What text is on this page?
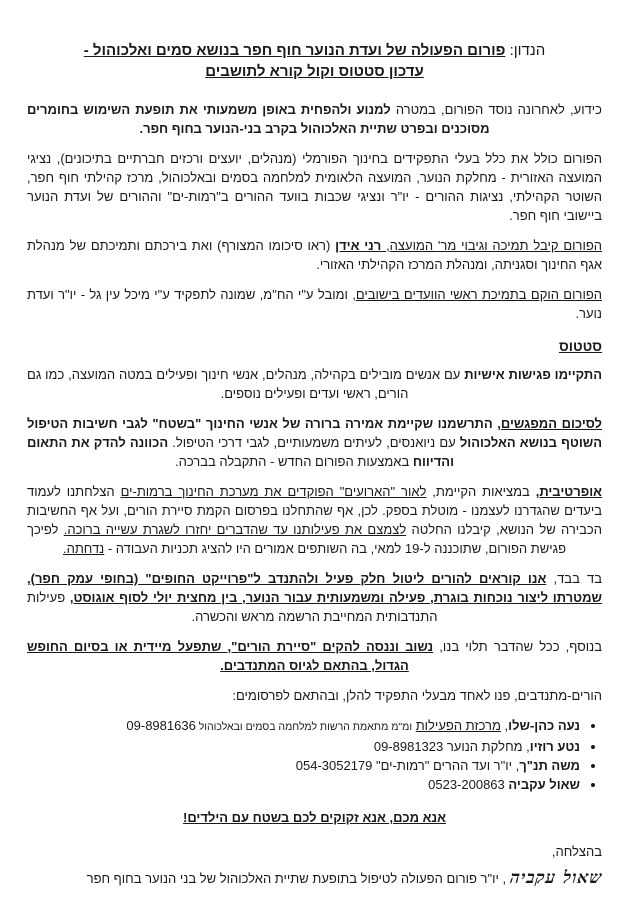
הנדון: פורום הפעולה של ועדת הנוער חוף חפר בנושא סמים ואלכוהול -
עדכון סטטוס וקול קורא לתושבים

כידוע, לאחרונה נוסד הפורום, במטרה למנוע ולהפחית באופן משמעותי את תופעת השימוש בחומרים מסוכנים ובפרט שתיית האלכוהול בקרב בני-הנוער בחוף חפר.

הפורום כולל את כלל בעלי התפקידים בחינוך הפורמלי (מנהלים, יועצים ורכזים חברתיים בתיכונים), נציגי המועצה האזורית - מחלקת הנוער, המועצה הלאומית למלחמה בסמים ובאלכוהול, מרכז קהילתי חוף חפר, השוטר הקהילתי, נציגות ההורים - יו"ר ונציגי שכבות בוועד ההורים ב"רמות-ים" וההורים של ועדת הנוער ביישובי חוף חפר.

הפורום קיבל תמיכה וגיבוי מר' המועצה, רני אידן (ראו סיכומו המצורף) ואת בירכתם ותמיכתם של מנהלת אגף החינוך וסגניתה, ומנהלת המרכז הקהילתי האזורי.

הפורום הוקם בתמיכת ראשי הוועדים בישובים, ומובל ע"י הח"מ, שמונה לתפקיד ע"י מיכל עין גל - יו"ר ועדת נוער.

סטטוס

התקיימו פגישות אישיות עם אנשים מובילים בקהילה, מנהלים, אנשי חינוך ופעילים במטה המועצה, כמו גם הורים, ראשי ועדים ופעילים נוספים.

לסיכום המפגשים, התרשמנו שקיימת אמירה ברורה של אנשי החינוך "בשטח" לגבי חשיבות הטיפול השוטף בנושא האלכוהול עם ניואנסים, לעיתים משמעותיים, לגבי דרכי הטיפול. הכוונה להדק את התאום והדיווח באמצעות הפורום החדש - התקבלה בברכה.

אופרטיבית, במציאות הקיימת, לאור "הארועים" הפוקדים את מערכת החינוך ברמות-ים הצלחתנו לעמוד ביעדים שהגדרנו לעצמנו - מוטלת בספק. לכן, אף שהתחלנו בפרסום הקמת סיירת הורים, ועל אף החשיבות הכבירה של הנושא, קיבלנו החלטה לצמצם את פעילותנו עד שהדברים יחזרו לשגרת עשייה ברוכה. לפיכך פגישת הפורום, שתוכננה ל-19 למאי, בה השותפים אמורים היו להציג תכניות העבודה - נדחתה.

בד בבד, אנו קוראים להורים ליטול חלק פעיל ולהתנדב ל"פרוייקט החופים" (בחופי עמק חפר), שמטרתו ליצור נוכחות בוגרת, פעילה ומשמעותית עבור הנוער, בין מחצית יולי לסוף אוגוסט, פעילות התנדבותית המחייבת הרשמה מראש והכשרה.

בנוסף, ככל שהדבר תלוי בנו, נשוב וננסה להקים "סיירת הורים", שתפעל מיידית או בסיום החופש הגדול, בהתאם לגיוס המתנדבים.

הורים-מתנדבים, פנו לאחד מבעלי התפקיד להלן, ובהתאם לפרסומים:

• נעה כהן-שלו, מרכזת הפעילות ומ"מ מתאמת הרשות למלחמה בסמים ובאלכוהול 09-8981636
• נטע רוזיו, מחלקת הנוער 09-8981323
• משה תנ"ך, יו"ר ועד ההרים "רמות-ים" 054-3052179
• שאול עקביה 0523-200863
אנא מכם, אנא זקוקים לכם בשטח עם הילדים!
בהצלחה,
שאול עקביה , יו"ר פורום הפעולה לטיפול בתופעת שתיית האלכוהול של בני הנוער בחוף חפר
